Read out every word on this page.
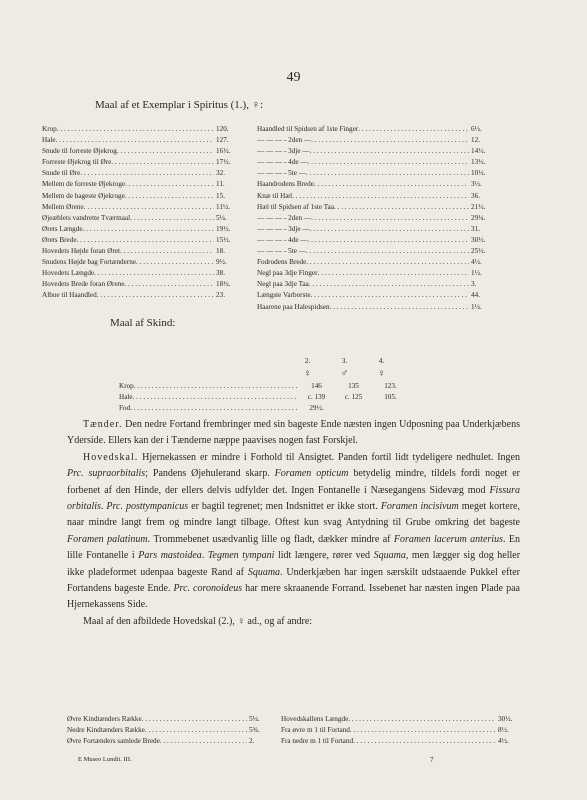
49
Maal af et Exemplar i Spiritus (1.), ♀:
Krop . . .	120.
Hale . . .	127.
Snude til forreste Øjekrog . . .	16½.
Forreste Øjekrog til Øre . . .	17½.
Snude til Øre . . .	32.
Mellem de forreste Øjekroge . . .	11.
Mellem de bageste Øjekroge . . .	15.
Mellem Ørene . . .	11½.
Øjeæblets vandrette Tværmaal . . .	5¼.
Ørets Længde . . .	19½.
Ørets Brede . . .	15½.
Hovedets Højde foran Øret . . .	18.
Snudens Højde bag Fortænderne . . .	9½.
Hovedets Længde . . .	38.
Hovedets Brede foran Ørene . . .	18½.
Albue til Haandled . . .	23.
Maal af Skind:
Haandled til Spidsen af 1ste Finger . . .	6½.
— — — - 2den — . . .	12.
— — — - 3dje — . . .	14½.
— — — - 4de — . . .	13½.
— — — - 5te — . . .	10½.
Haandrodens Brede . . .	3½.
Knæ til Hæl . . .	36.
Hæl til Spidsen af 1ste Taa . . .	21½.
— — — - 2den — . . .	29¼.
— — — - 3dje — . . .	31.
— — — - 4de — . . .	30½.
— — — - 5te — . . .	25½.
Fodrodens Brede . . .	4½.
Negl paa 3dje Finger . . .	1½.
Negl paa 3dje Taa . . .	3.
Længste Varborste . . .	44.
Haarene paa Halespidsen . . .	1½.
2.	3.	4.
♀	♂	♀
Krop . . .	146	135	123.
Hale . . .	c. 139	c. 125	105.
Fod . . .	29½.

Tænder. Den nedre Fortand frembringer med sin bageste Ende næsten ingen Udposning paa Underkjæbens Yderside. Ellers kan der i Tænderne næppe paavises nogen fast Forskjel.

Hovedskal. Hjernekassen er mindre i Forhold til Ansigtet. Panden fortil lidt tydeligere nedhulet. Ingen Prc. supraorbitalis; Pandens Øjehulerand skarp. Foramen opticum betydelig mindre, tildels fordi noget er forbenet af den Hinde, der ellers delvis udfylder det. Ingen Fontanelle i Næsegangens Sidevæg mod Fissura orbitalis. Prc. posttympanicus er bagtil tegrenet; men Indsnittet er ikke stort. Foramen incisivum meget kortere, naar mindre langt frem og mindre langt tilbage. Oftest kun svag Antydning til Grube omkring det bageste Foramen palatinum. Trommebenet usædvanlig lille og fladt, dækker mindre af Foramen lacerum anterius. En lille Fontanelle i Pars mastoidea. Tegmen tympani lidt længere, rører ved Squama, men lægger sig dog heller ikke pladeformet udenpaa bageste Rand af Squama. Underkjæben har ingen særskilt udstaaende Pukkel efter Fortandens bageste Ende. Prc. coronoideus har mere skraanende Forrand. Issebenet har næsten ingen Plade paa Hjernekassens Side.

Maal af den afbildede Hovedskal (2.), ♀ ad., og af andre:

Øvre Kindtænders Række . . .	5¼.
Nedre Kindtænders Række . . .	5¾.
Øvre Fortænders samlede Brede . . .	2.
Hovedskallens Længde . . .	30½.
Fra øvre m 1 til Fortand . . .	8½.
Fra nedre m 1 til Fortand . . .	4½.
E Museo Lundii. III.	7
